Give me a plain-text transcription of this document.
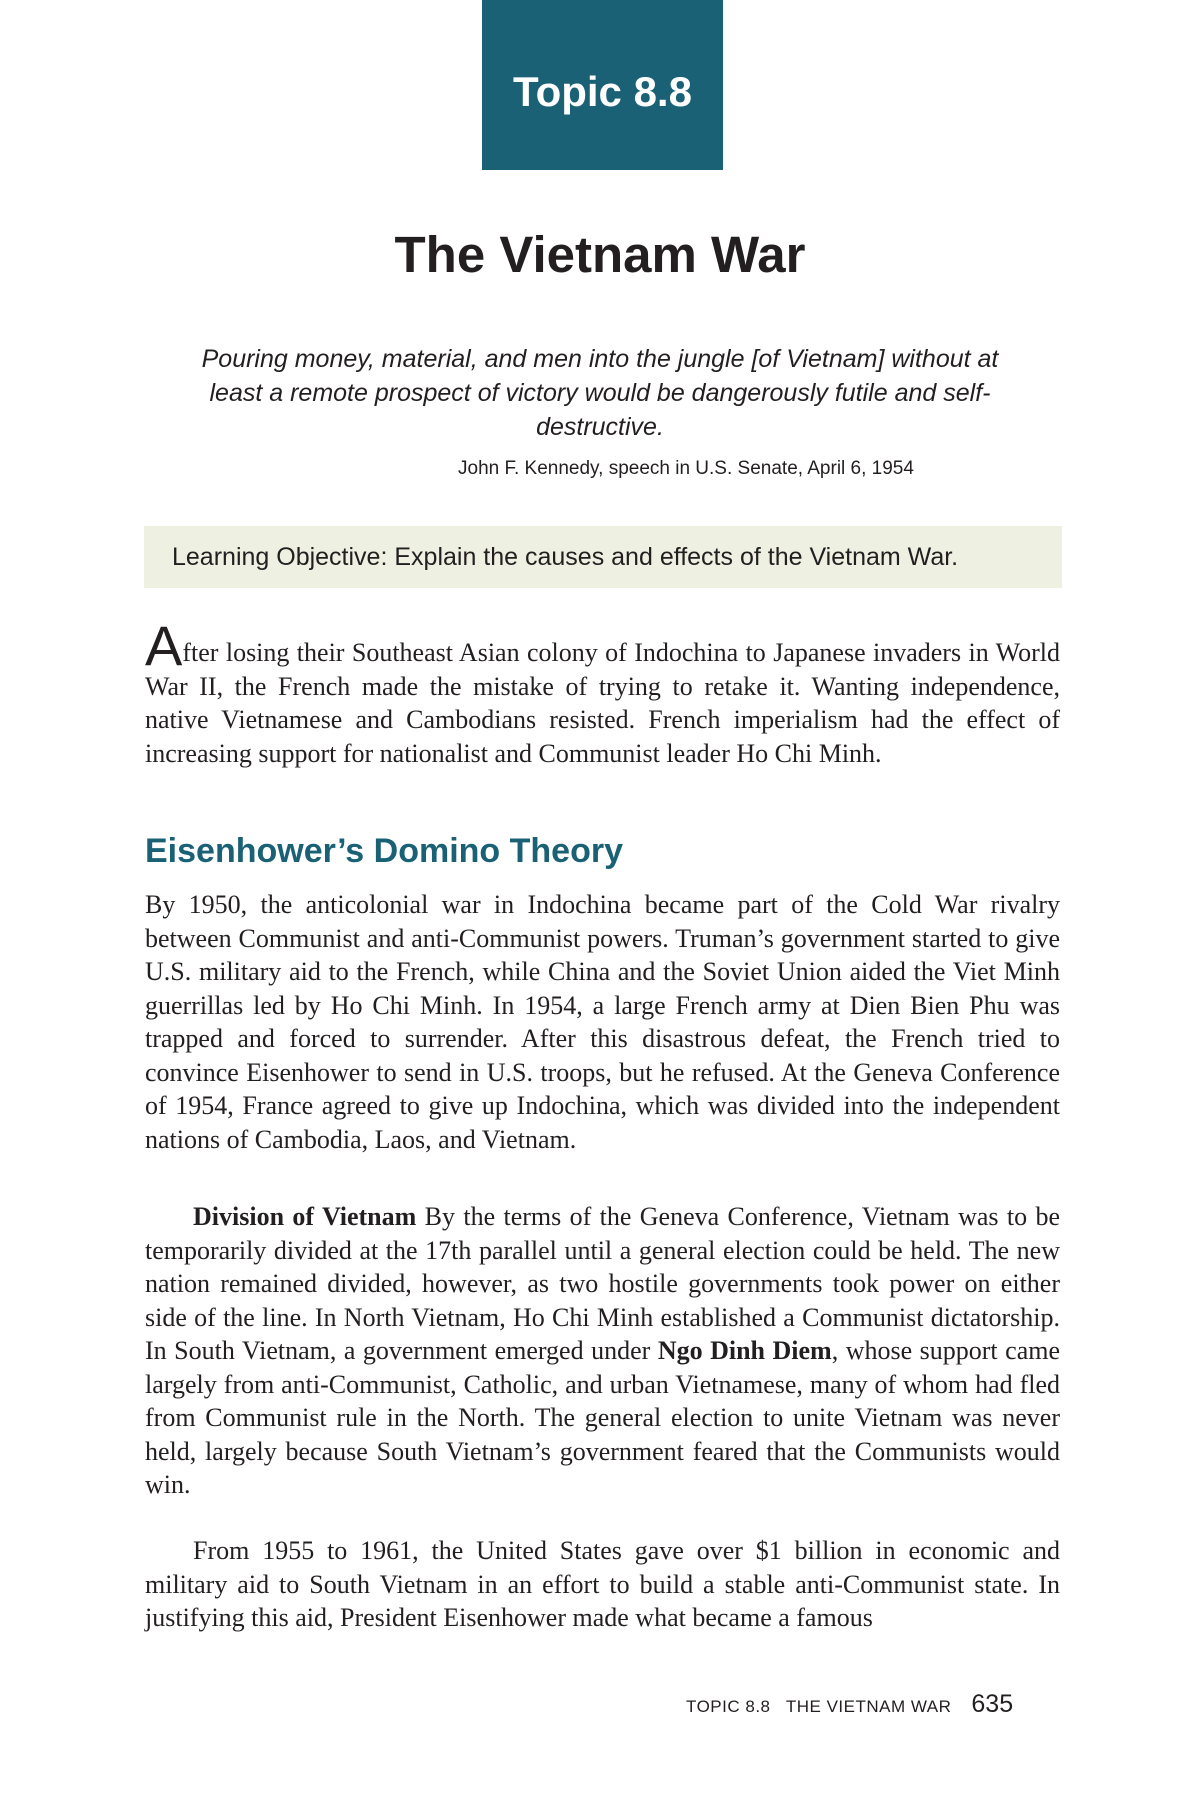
Topic 8.8
The Vietnam War
Pouring money, material, and men into the jungle [of Vietnam] without at least a remote prospect of victory would be dangerously futile and self-destructive.
John F. Kennedy, speech in U.S. Senate, April 6, 1954
Learning Objective:
Explain the causes and effects of the Vietnam War.

After losing their Southeast Asian colony of Indochina to Japanese invaders in World War II, the French made the mistake of trying to retake it. Wanting independence, native Vietnamese and Cambodians resisted. French imperialism had the effect of increasing support for nationalist and Communist leader Ho Chi Minh.

Eisenhower’s Domino Theory

By 1950, the anticolonial war in Indochina became part of the Cold War rivalry between Communist and anti-Communist powers. Truman’s government started to give U.S. military aid to the French, while China and the Soviet Union aided the Viet Minh guerrillas led by Ho Chi Minh. In 1954, a large French army at Dien Bien Phu was trapped and forced to surrender. After this disastrous defeat, the French tried to convince Eisenhower to send in U.S. troops, but he refused. At the Geneva Conference of 1954, France agreed to give up Indochina, which was divided into the independent nations of Cambodia, Laos, and Vietnam.

Division of Vietnam By the terms of the Geneva Conference, Vietnam was to be temporarily divided at the 17th parallel until a general election could be held. The new nation remained divided, however, as two hostile governments took power on either side of the line. In North Vietnam, Ho Chi Minh established a Communist dictatorship. In South Vietnam, a government emerged under Ngo Dinh Diem, whose support came largely from anti-Communist, Catholic, and urban Vietnamese, many of whom had fled from Communist rule in the North. The general election to unite Vietnam was never held, largely because South Vietnam’s government feared that the Communists would win.

From 1955 to 1961, the United States gave over $1 billion in economic and military aid to South Vietnam in an effort to build a stable anti-Communist state. In justifying this aid, President Eisenhower made what became a famous

TOPIC 8.8   THE VIETNAM WAR 635
